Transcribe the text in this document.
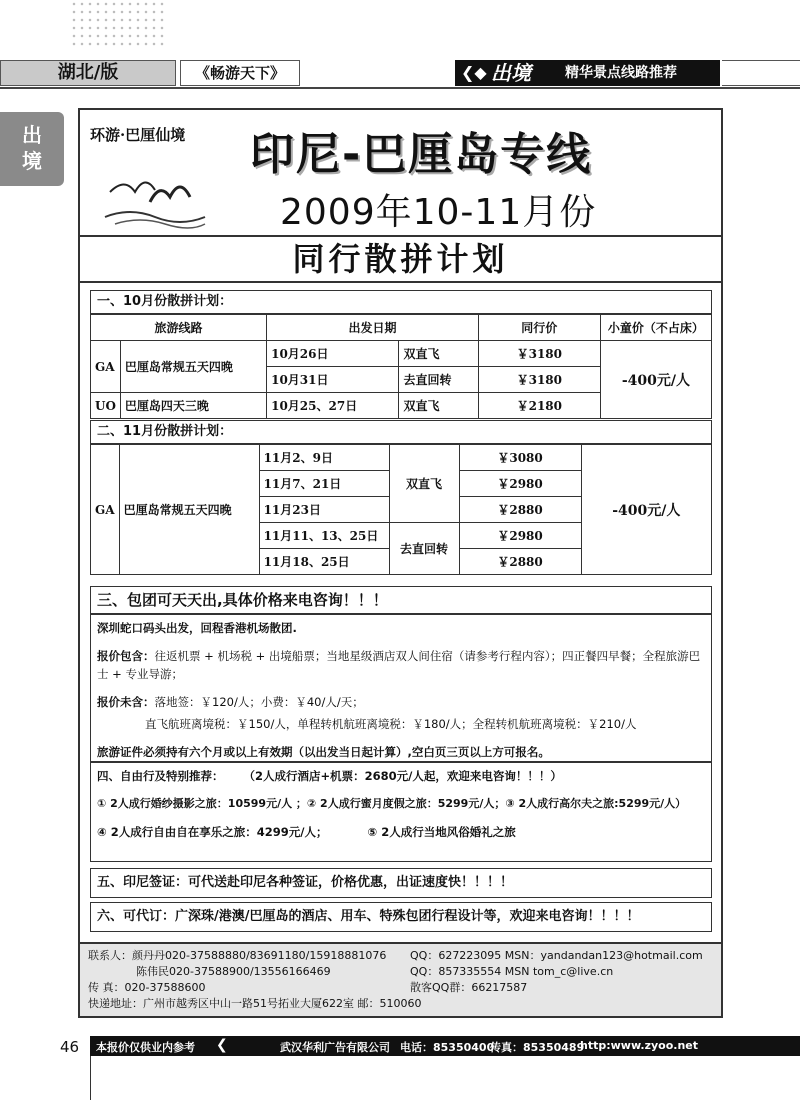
湖北/版	《畅游天下》	❮◆ 出境 精华景点线路推荐
出境
环游·巴厘仙境	印尼-巴厘岛专线
2009年10-11月份
同行散拼计划
一、10月份散拼计划：
旅游线路		出发日期		同行价	小童价（不占床）
GA	巴厘岛常规五天四晚	10月26日	双直飞	￥3180	-400元/人
		10月31日	去直回转	￥3180	
UO	巴厘岛四天三晚	10月25、27日	双直飞	￥2180	
二、11月份散拼计划：
GA	巴厘岛常规五天四晚	11月2、9日	双直飞	￥3080	-400元/人
		11月7、21日		￥2980	
		11月23日		￥2880	
		11月11、13、25日	去直回转	￥2980	
		11月18、25日		￥2880	
三、包团可天天出,具体价格来电咨询！！！
深圳蛇口码头出发，回程香港机场散团.
报价包含：往返机票 + 机场税 + 出境船票；当地星级酒店双人间住宿（请参考行程内容）；四正餐四早餐；全程旅游巴士 + 专业导游；
报价未含：落地签：￥120/人；小费：￥40/人/天；
直飞航班离境税：￥150/人，单程转机航班离境税：￥180/人；全程转机航班离境税：￥210/人
旅游证件必须持有六个月或以上有效期（以出发当日起计算）,空白页三页以上方可报名。
四、自由行及特别推荐： （2人成行酒店+机票：2680元/人起，欢迎来电咨询！！！）
① 2人成行婚纱摄影之旅：10599元/人 ；② 2人成行蜜月度假之旅：5299元/人；③ 2人成行高尔夫之旅:5299元/人）
④ 2人成行自由自在享乐之旅：4299元/人；	⑤ 2人成行当地风俗婚礼之旅
五、印尼签证：可代送赴印尼各种签证，价格优惠，出证速度快！！！！
六、可代订：广深珠/港澳/巴厘岛的酒店、用车、特殊包团行程设计等，欢迎来电咨询！！！！
联系人：颜丹丹020-37588880/83691180/15918881076 QQ：627223095 MSN：yandandan123@hotmail.com
陈伟民020-37588900/13556166469	QQ：857335554 MSN tom_c@live.cn
传 真：020-37588600	散客QQ群：66217587
快递地址：广州市越秀区中山一路51号拓业大厦622室 邮：510060
46 本报价仅供业内参考 ❮	武汉华利广告有限公司 电话：85350400
传真：85350489
http:www.zyoo.net
